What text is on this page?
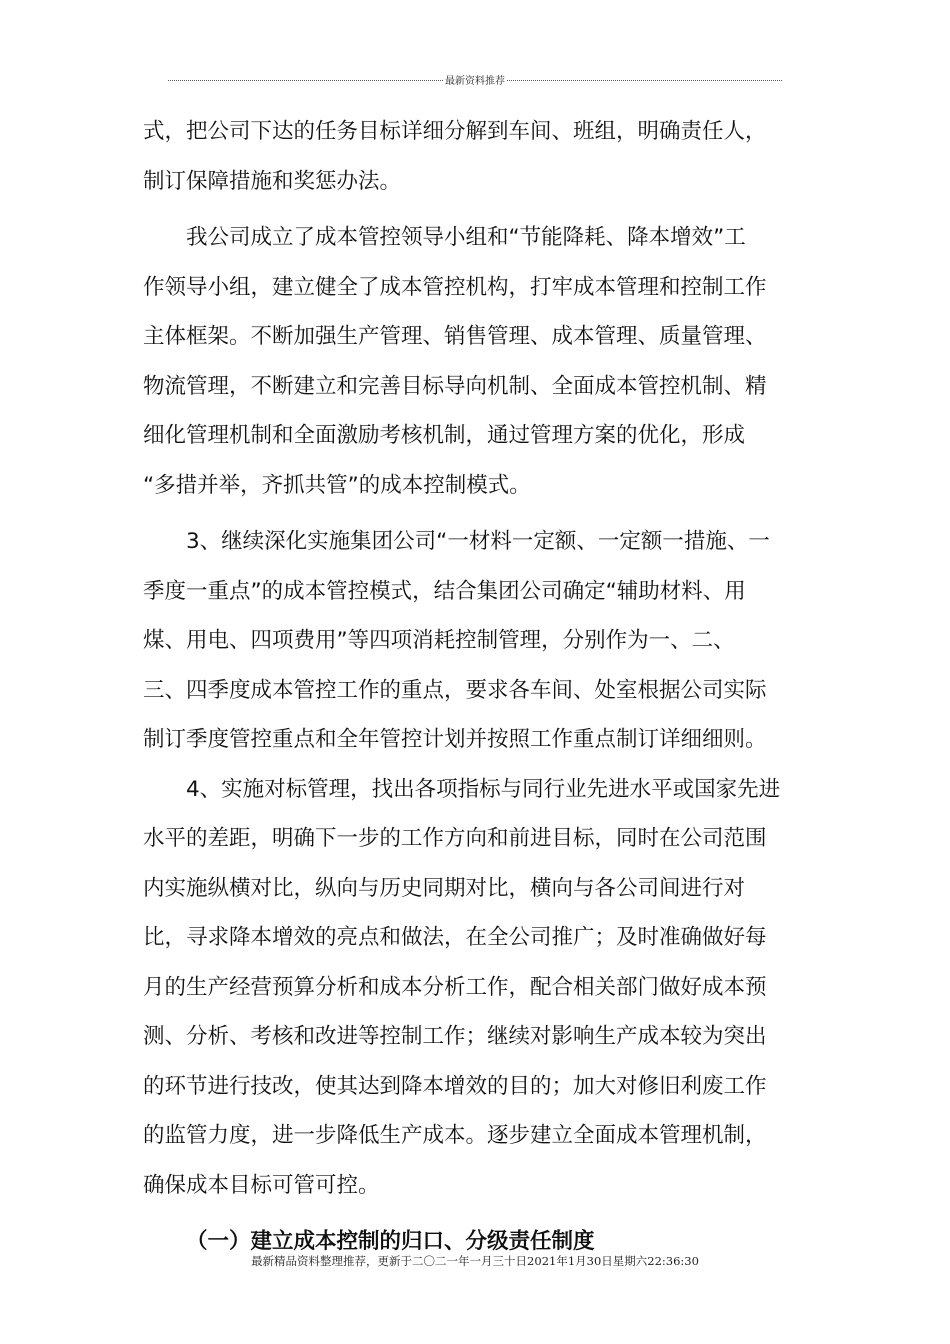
最新资料推荐

式，把公司下达的任务目标详细分解到车间、班组，明确责任人，
制订保障措施和奖惩办法。

我公司成立了成本管控领导小组和“节能降耗、降本增效”工
作领导小组，建立健全了成本管控机构，打牢成本管理和控制工作
主体框架。不断加强生产管理、销售管理、成本管理、质量管理、
物流管理，不断建立和完善目标导向机制、全面成本管控机制、精
细化管理机制和全面激励考核机制，通过管理方案的优化，形成
“多措并举，齐抓共管”的成本控制模式。

3、继续深化实施集团公司“一材料一定额、一定额一措施、一
季度一重点”的成本管控模式，结合集团公司确定“辅助材料、用
煤、用电、四项费用”等四项消耗控制管理，分别作为一、二、
三、四季度成本管控工作的重点，要求各车间、处室根据公司实际
制订季度管控重点和全年管控计划并按照工作重点制订详细细则。

4、实施对标管理，找出各项指标与同行业先进水平或国家先进
水平的差距，明确下一步的工作方向和前进目标，同时在公司范围
内实施纵横对比，纵向与历史同期对比，横向与各公司间进行对
比，寻求降本增效的亮点和做法，在全公司推广；及时准确做好每
月的生产经营预算分析和成本分析工作，配合相关部门做好成本预
测、分析、考核和改进等控制工作；继续对影响生产成本较为突出
的环节进行技改，使其达到降本增效的目的；加大对修旧利废工作
的监管力度，进一步降低生产成本。逐步建立全面成本管理机制，
确保成本目标可管可控。

（一）建立成本控制的归口、分级责任制度

最新精品资料整理推荐，更新于二〇二一年一月三十日2021年1月30日星期六22:36:30
